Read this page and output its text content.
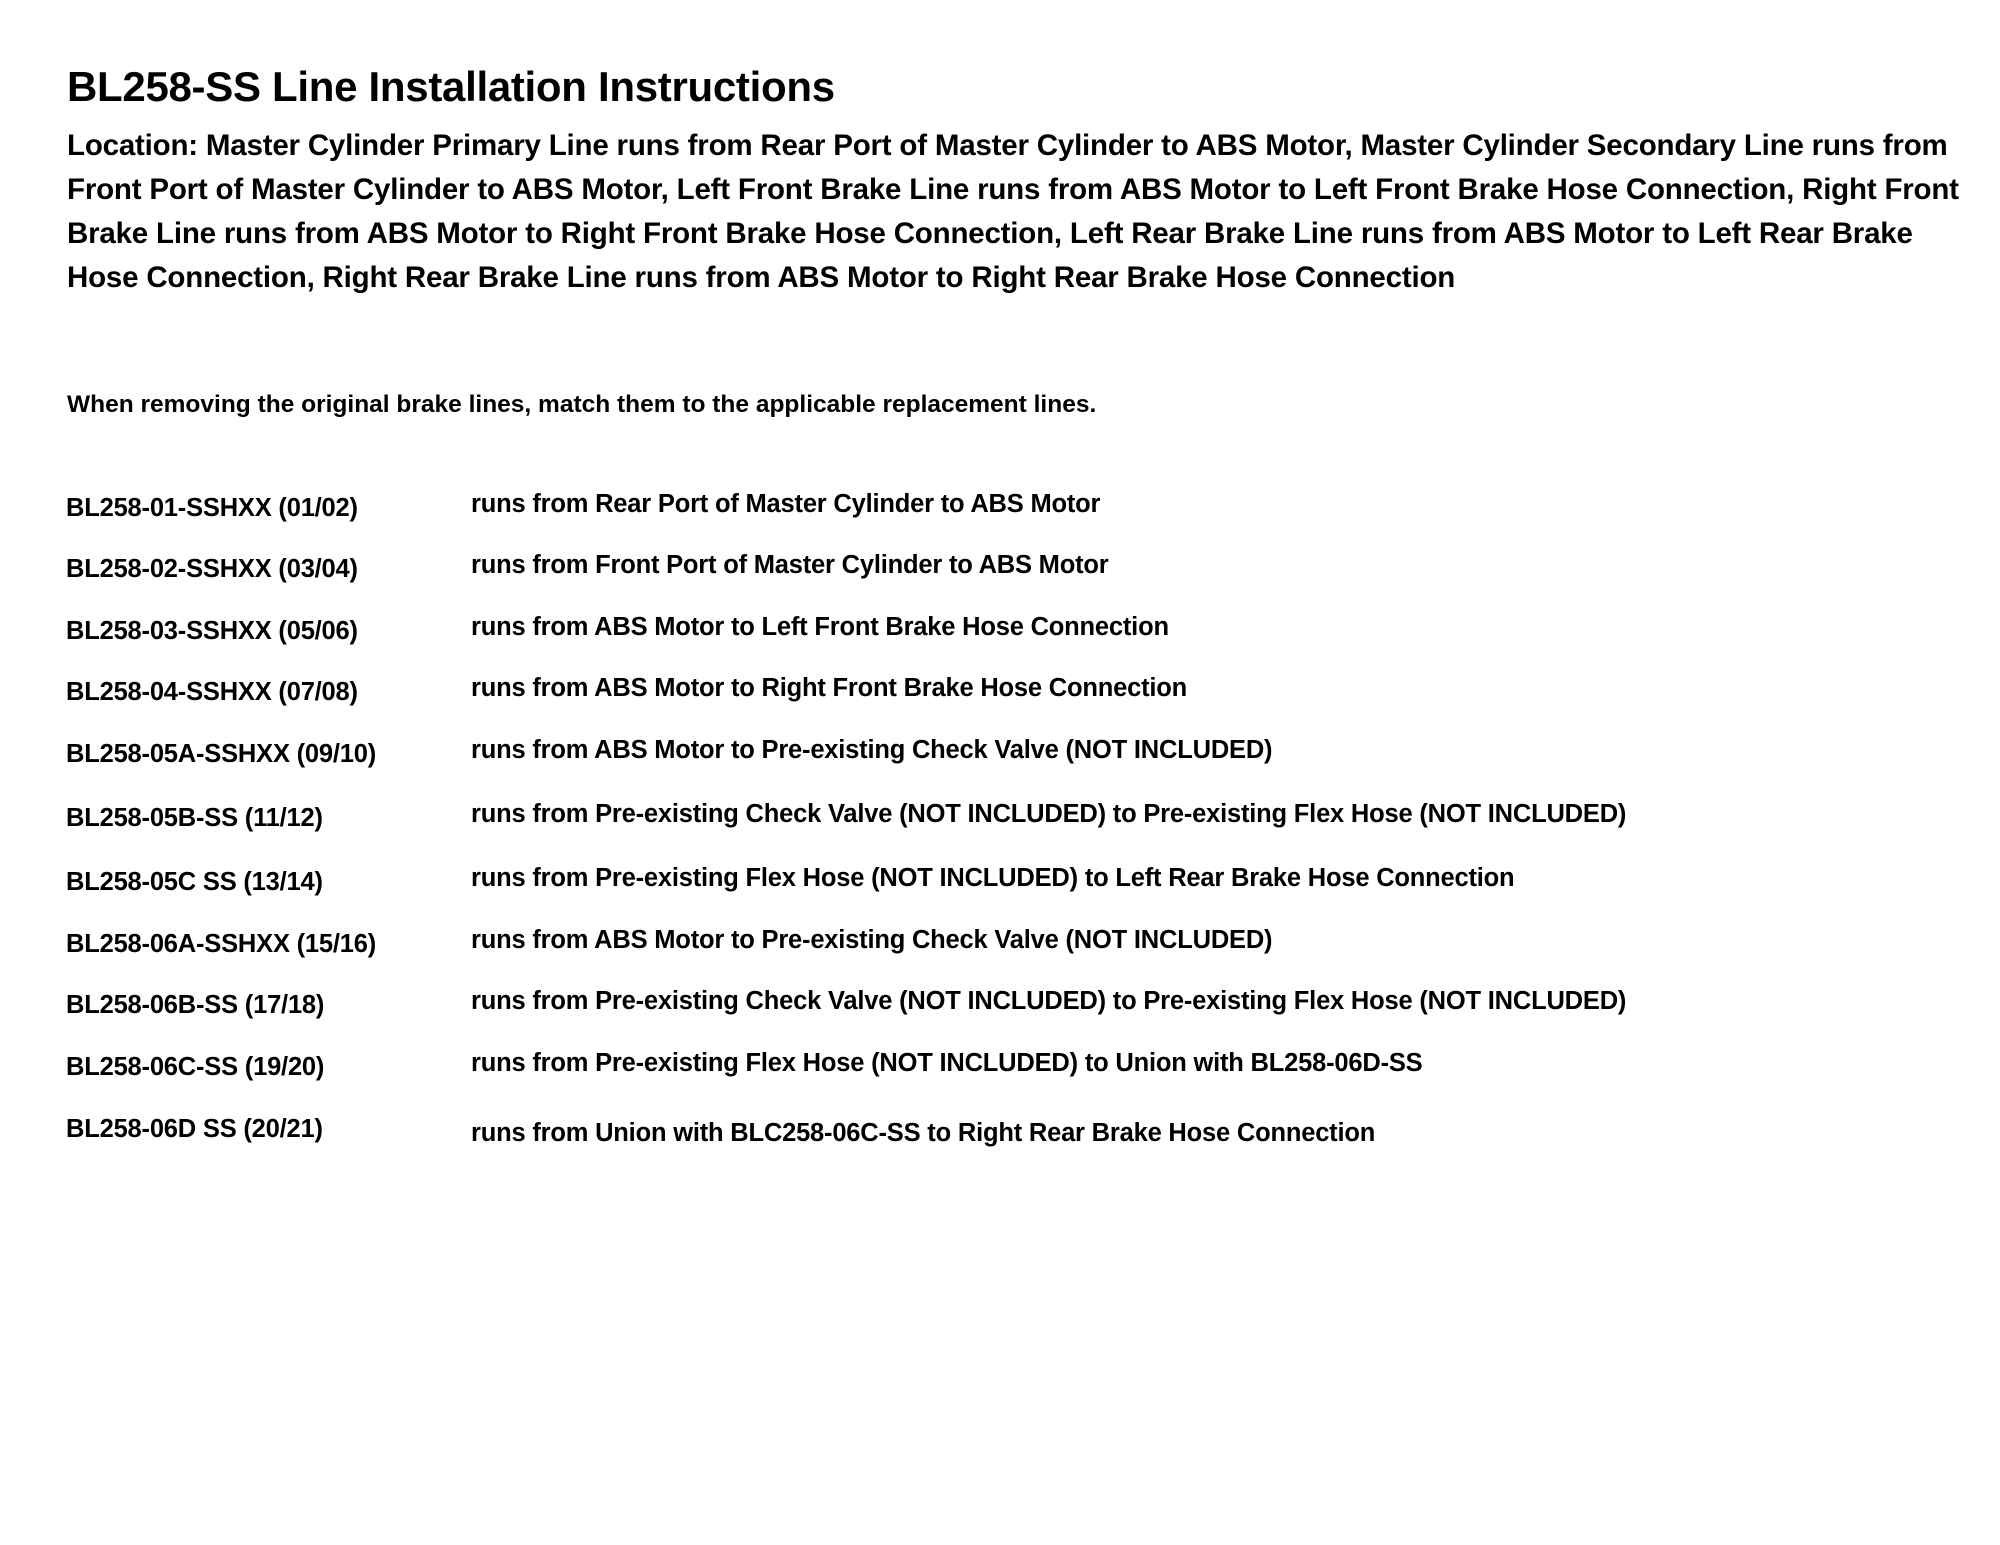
BL258-SS Line Installation Instructions

Location: Master Cylinder Primary Line runs from Rear Port of Master Cylinder to ABS Motor, Master Cylinder Secondary Line runs from Front Port of Master Cylinder to ABS Motor, Left Front Brake Line runs from ABS Motor to Left Front Brake Hose Connection, Right Front Brake Line runs from ABS Motor to Right Front Brake Hose Connection, Left Rear Brake Line runs from ABS Motor to Left Rear Brake Hose Connection, Right Rear Brake Line runs from ABS Motor to Right Rear Brake Hose Connection

When removing the original brake lines, match them to the applicable replacement lines.

BL258-01-SSHXX (01/02)	runs from Rear Port of Master Cylinder to ABS Motor
BL258-02-SSHXX (03/04)	runs from Front Port of Master Cylinder to ABS Motor
BL258-03-SSHXX (05/06)	runs from ABS Motor to Left Front Brake Hose Connection
BL258-04-SSHXX (07/08)	runs from ABS Motor to Right Front Brake Hose Connection
BL258-05A-SSHXX (09/10)	runs from ABS Motor to Pre-existing Check Valve (NOT INCLUDED)
BL258-05B-SS (11/12)	runs from Pre-existing Check Valve (NOT INCLUDED) to Pre-existing Flex Hose (NOT INCLUDED)
BL258-05C SS (13/14)	runs from Pre-existing Flex Hose (NOT INCLUDED) to Left Rear Brake Hose Connection
BL258-06A-SSHXX (15/16)	runs from ABS Motor to Pre-existing Check Valve (NOT INCLUDED)
BL258-06B-SS (17/18)	runs from Pre-existing Check Valve (NOT INCLUDED) to Pre-existing Flex Hose (NOT INCLUDED)
BL258-06C-SS (19/20)	runs from Pre-existing Flex Hose (NOT INCLUDED) to Union with BL258-06D-SS
BL258-06D SS (20/21)	runs from Union with BLC258-06C-SS to Right Rear Brake Hose Connection
